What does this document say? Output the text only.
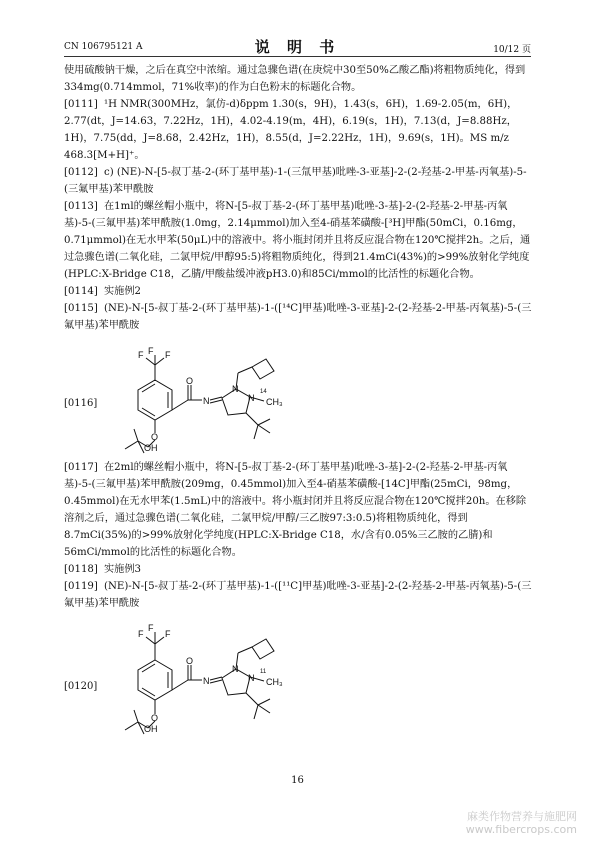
CN 106795121 A	说 明 书	10/12 页

使用硫酸钠干燥，之后在真空中浓缩。通过急骤色谱(在庚烷中30至50%乙酸乙酯)将粗物质纯化，得到334mg(0.714mmol，71%收率)的作为白色粉末的标题化合物。

[0111] ¹H NMR(300MHz，氯仿-d)δppm 1.30(s，9H)，1.43(s，6H)，1.69-2.05(m，6H)，2.77(dt，J=14.63，7.22Hz，1H)，4.02-4.19(m，4H)，6.19(s，1H)，7.13(d，J=8.88Hz，1H)，7.75(dd，J=8.68，2.42Hz，1H)，8.55(d，J=2.22Hz，1H)，9.69(s，1H)。MS m/z 468.3[M+H]⁺。

[0112] c) (NE)-N-[5-叔丁基-2-(环丁基甲基)-1-(三氚甲基)吡唑-3-亚基]-2-(2-羟基-2-甲基-丙氧基)-5-(三氟甲基)苯甲酰胺

[0113] 在1ml的螺丝帽小瓶中，将N-[5-叔丁基-2-(环丁基甲基)吡唑-3-基]-2-(2-羟基-2-甲基-丙氧基)-5-(三氟甲基)苯甲酰胺(1.0mg，2.14μmmol)加入至4-硝基苯磺酸-[³H]甲酯(50mCi，0.16mg，0.71μmmol)在无水甲苯(50μL)中的溶液中。将小瓶封闭并且将反应混合物在120℃搅拌2h。之后，通过急骤色谱(二氧化硅，二氯甲烷/甲醇95:5)将粗物质纯化，得到21.4mCi(43%)的>99%放射化学纯度(HPLC:X-Bridge C18，乙腈/甲酸盐缓冲液pH3.0)和85Ci/mmol的比活性的标题化合物。

[0114] 实施例2

[0115] (NE)-N-[5-叔丁基-2-(环丁基甲基)-1-([¹⁴C]甲基)吡唑-3-亚基]-2-(2-羟基-2-甲基-丙氧基)-5-(三氟甲基)苯甲酰胺

[0116]
F
F F
O
OH
O
N
N
N
14
CH₃

[0117] 在2ml的螺丝帽小瓶中，将N-[5-叔丁基-2-(环丁基甲基)吡唑-3-基]-2-(2-羟基-2-甲基-丙氧基)-5-(三氟甲基)苯甲酰胺(209mg，0.45mmol)加入至4-硝基苯磺酸-[14C]甲酯(25mCi，98mg，0.45mmol)在无水甲苯(1.5mL)中的溶液中。将小瓶封闭并且将反应混合物在120℃搅拌20h。在移除溶剂之后，通过急骤色谱(二氧化硅，二氯甲烷/甲醇/三乙胺97:3:0.5)将粗物质纯化，得到8.7mCi(35%)的>99%放射化学纯度(HPLC:X-Bridge C18，水/含有0.05%三乙胺的乙腈)和56mCi/mmol的比活性的标题化合物。

[0118] 实施例3

[0119] (NE)-N-[5-叔丁基-2-(环丁基甲基)-1-([¹¹C]甲基)吡唑-3-亚基]-2-(2-羟基-2-甲基-丙氧基)-5-(三氟甲基)苯甲酰胺

[0120]
F
F F
O
OH
O
N
N
N
11
CH₃
16
麻类作物营养与施肥网
www.fibercrops.com
